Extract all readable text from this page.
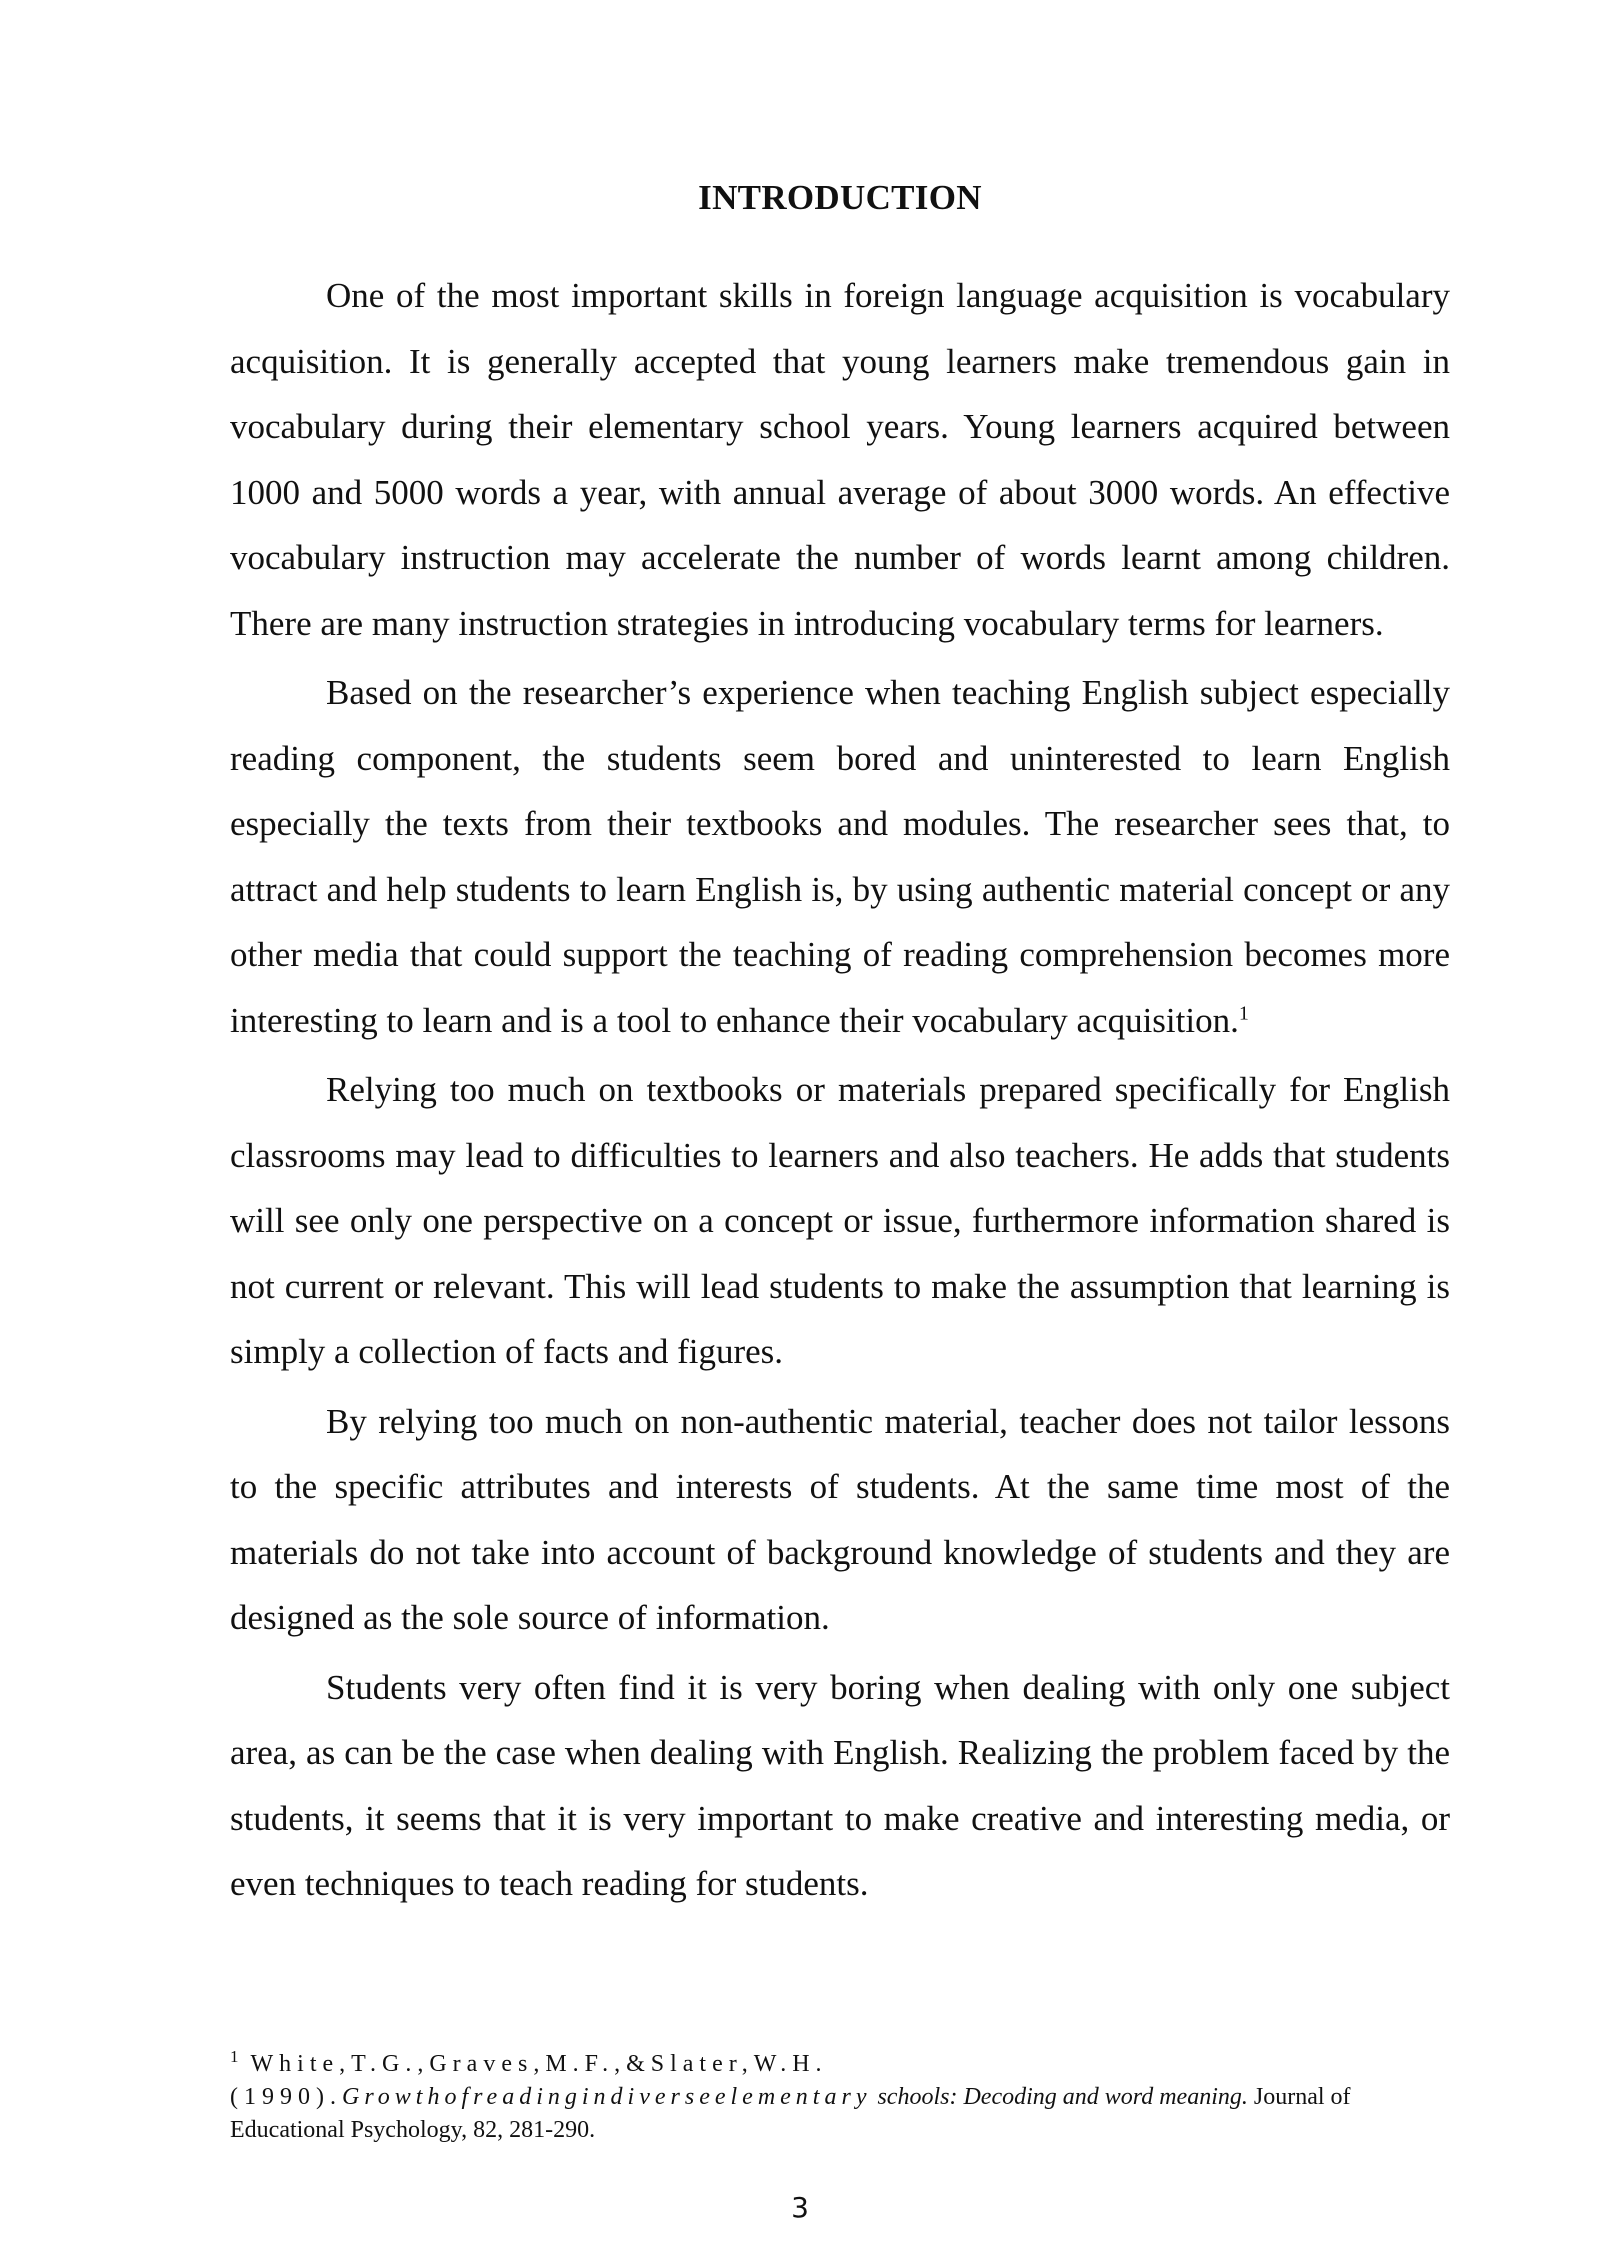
INTRODUCTION

One of the most important skills in foreign language acquisition is vocabulary acquisition. It is generally accepted that young learners make tremendous gain in vocabulary during their elementary school years. Young learners acquired between 1000 and 5000 words a year, with annual average of about 3000 words. An effective vocabulary instruction may accelerate the number of words learnt among children. There are many instruction strategies in introducing vocabulary terms for learners.

Based on the researcher’s experience when teaching English subject especially reading component, the students seem bored and uninterested to learn English especially the texts from their textbooks and modules. The researcher sees that, to attract and help students to learn English is, by using authentic material concept or any other media that could support the teaching of reading comprehension becomes more interesting to learn and is a tool to enhance their vocabulary acquisition.$^1$

Relying too much on textbooks or materials prepared specifically for English classrooms may lead to difficulties to learners and also teachers. He adds that students will see only one perspective on a concept or issue, furthermore information shared is not current or relevant. This will lead students to make the assumption that learning is simply a collection of facts and figures.

By relying too much on non-authentic material, teacher does not tailor lessons to the specific attributes and interests of students. At the same time most of the materials do not take into account of background knowledge of students and they are designed as the sole source of information.

Students very often find it is very boring when dealing with only one subject area, as can be the case when dealing with English. Realizing the problem faced by the students, it seems that it is very important to make creative and interesting media, or even techniques to teach reading for students.

$^1$ White,T.G.,Graves,M.F.,&Slater,W.H.(1990).Growthofreadingindiverseelementary schools: Decoding and word meaning. Journal of Educational Psychology, 82, 281-290.
3
